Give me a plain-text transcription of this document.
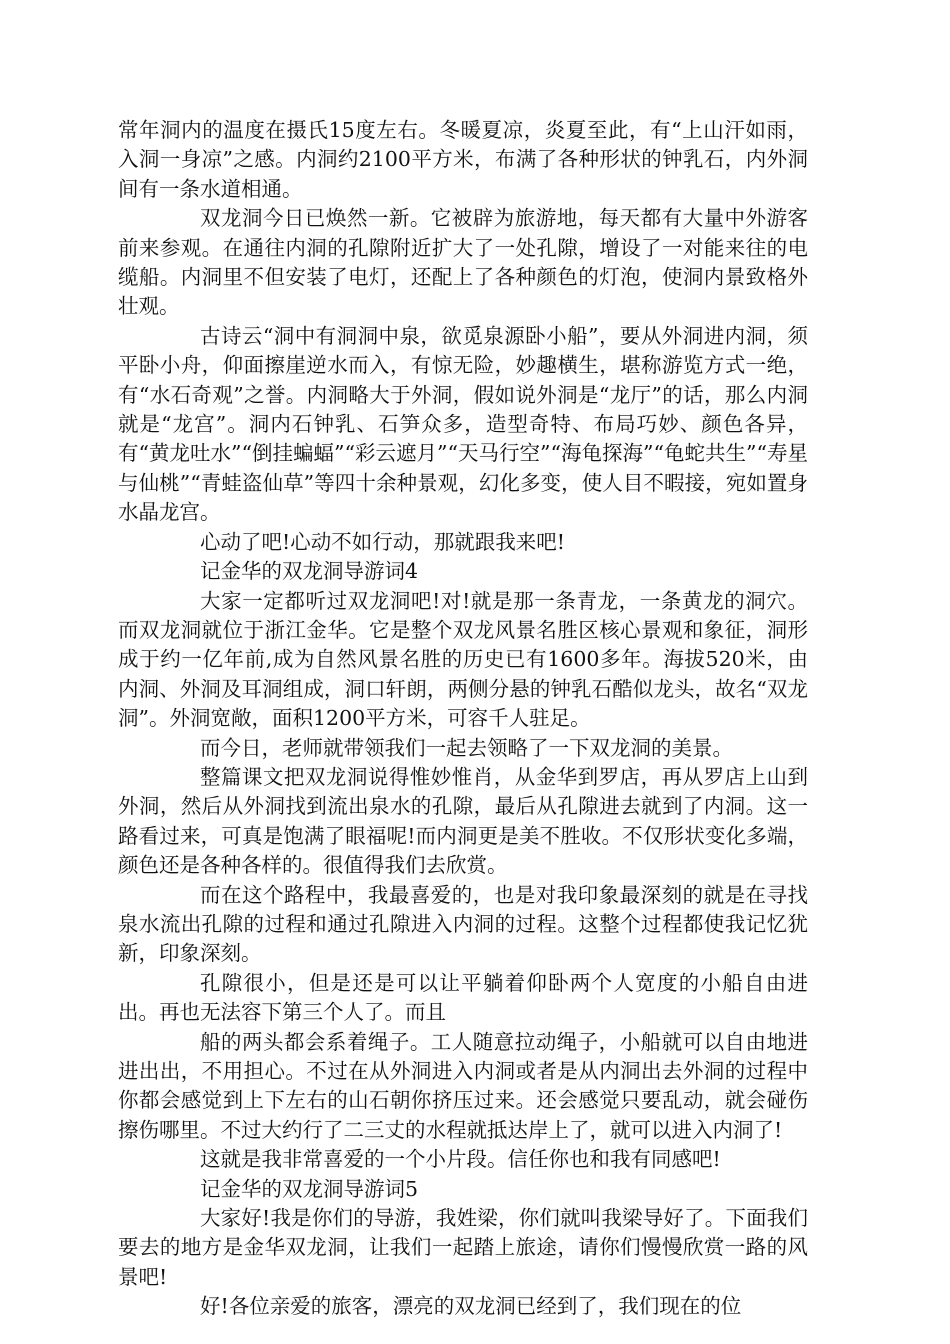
常年洞内的温度在摄氏15度左右。冬暖夏凉，炎夏至此，有“上山汗如雨，入洞一身凉”之感。内洞约2100平方米，布满了各种形状的钟乳石，内外洞间有一条水道相通。

双龙洞今日已焕然一新。它被辟为旅游地，每天都有大量中外游客前来参观。在通往内洞的孔隙附近扩大了一处孔隙，增设了一对能来往的电缆船。内洞里不但安装了电灯，还配上了各种颜色的灯泡，使洞内景致格外壮观。

古诗云“洞中有洞洞中泉，欲觅泉源卧小船”，要从外洞进内洞，须平卧小舟，仰面擦崖逆水而入，有惊无险，妙趣横生，堪称游览方式一绝，有“水石奇观”之誉。内洞略大于外洞，假如说外洞是“龙厅”的话，那么内洞就是“龙宫”。洞内石钟乳、石笋众多，造型奇特、布局巧妙、颜色各异，有“黄龙吐水”“倒挂蝙蝠”“彩云遮月”“天马行空”“海龟探海”“龟蛇共生”“寿星与仙桃”“青蛙盗仙草”等四十余种景观，幻化多变，使人目不暇接，宛如置身水晶龙宫。

心动了吧!心动不如行动，那就跟我来吧!

记金华的双龙洞导游词4

大家一定都听过双龙洞吧!对!就是那一条青龙，一条黄龙的洞穴。而双龙洞就位于浙江金华。它是整个双龙风景名胜区核心景观和象征，洞形成于约一亿年前,成为自然风景名胜的历史已有1600多年。海拔520米，由内洞、外洞及耳洞组成，洞口轩朗，两侧分悬的钟乳石酷似龙头，故名“双龙洞”。外洞宽敞，面积1200平方米，可容千人驻足。

而今日，老师就带领我们一起去领略了一下双龙洞的美景。

整篇课文把双龙洞说得惟妙惟肖，从金华到罗店，再从罗店上山到外洞，然后从外洞找到流出泉水的孔隙，最后从孔隙进去就到了内洞。这一路看过来，可真是饱满了眼福呢!而内洞更是美不胜收。不仅形状变化多端，颜色还是各种各样的。很值得我们去欣赏。

而在这个路程中，我最喜爱的，也是对我印象最深刻的就是在寻找泉水流出孔隙的过程和通过孔隙进入内洞的过程。这整个过程都使我记忆犹新，印象深刻。

孔隙很小，但是还是可以让平躺着仰卧两个人宽度的小船自由进出。再也无法容下第三个人了。而且

船的两头都会系着绳子。工人随意拉动绳子，小船就可以自由地进进出出，不用担心。不过在从外洞进入内洞或者是从内洞出去外洞的过程中你都会感觉到上下左右的山石朝你挤压过来。还会感觉只要乱动，就会碰伤擦伤哪里。不过大约行了二三丈的水程就抵达岸上了，就可以进入内洞了!

这就是我非常喜爱的一个小片段。信任你也和我有同感吧!

记金华的双龙洞导游词5

大家好!我是你们的导游，我姓梁，你们就叫我梁导好了。下面我们要去的地方是金华双龙洞，让我们一起踏上旅途，请你们慢慢欣赏一路的风景吧!

好!各位亲爱的旅客，漂亮的双龙洞已经到了，我们现在的位
